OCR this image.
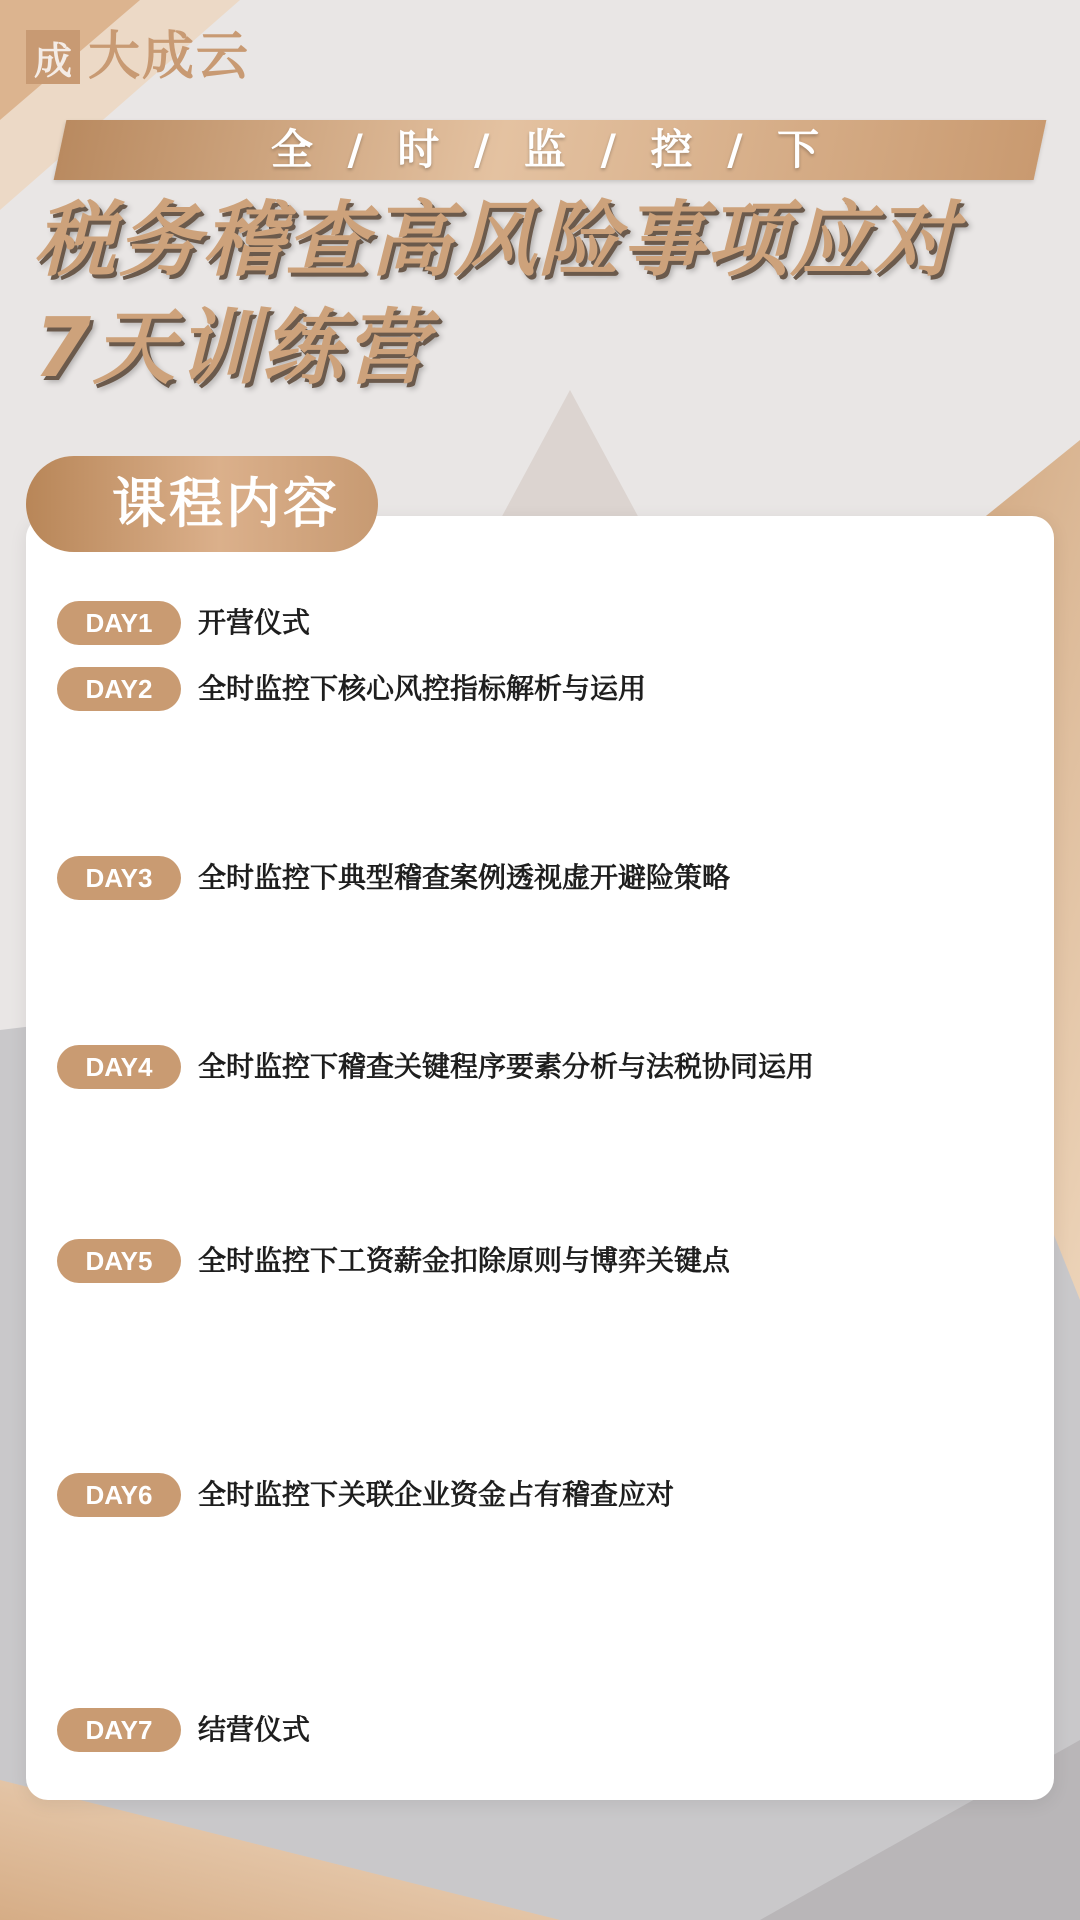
成 大成云
全 / 时 / 监 / 控 / 下
税务稽查高风险事项应对
7天训练营
课程内容
DAY1	开营仪式
DAY2	全时监控下核心风控指标解析与运用
DAY3	全时监控下典型稽查案例透视虚开避险策略
DAY4	全时监控下稽查关键程序要素分析与法税协同运用
DAY5	全时监控下工资薪金扣除原则与博弈关键点
DAY6	全时监控下关联企业资金占有稽查应对
DAY7	结营仪式
